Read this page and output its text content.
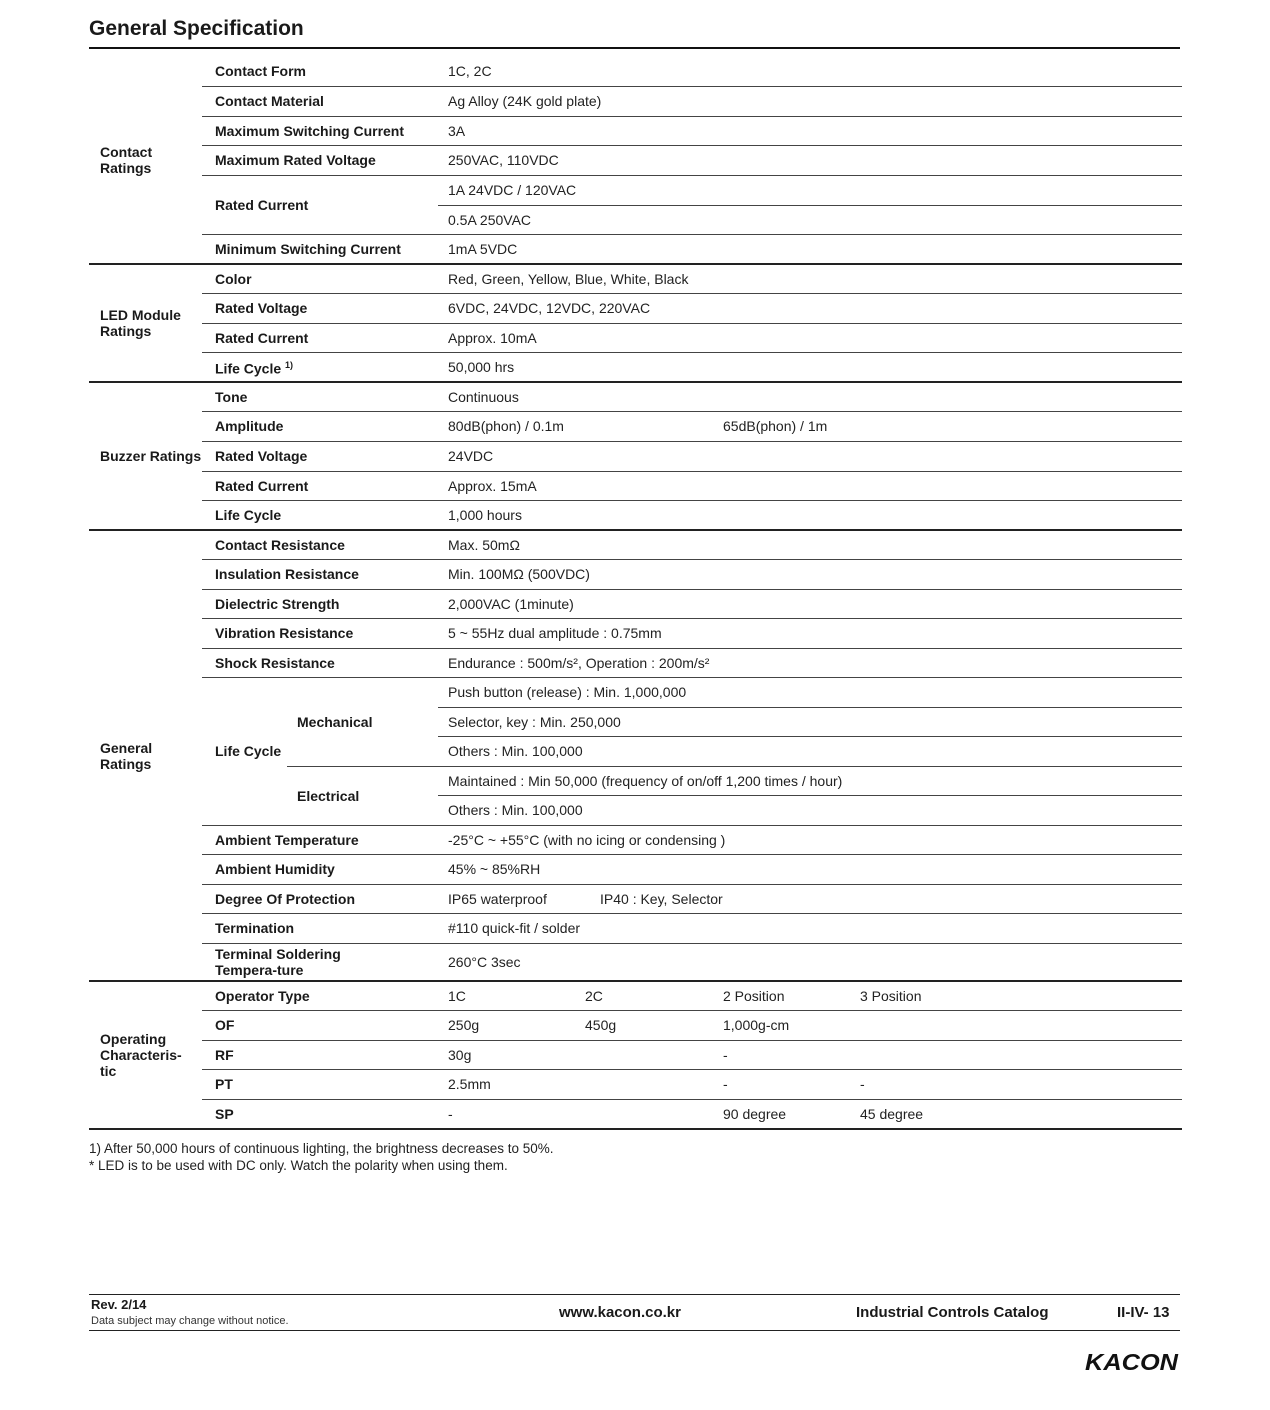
General Specification
Contact Ratings	Contact Form		1C, 2C			
	Contact Material		Ag Alloy (24K gold plate)			
	Maximum Switching Current		3A			
	Maximum Rated Voltage		250VAC, 110VDC			
	Rated Current		1A 24VDC / 120VAC			
			0.5A 250VAC			
	Minimum Switching Current		1mA 5VDC			
LED Module Ratings	Color		Red, Green, Yellow, Blue, White, Black			
	Rated Voltage		6VDC, 24VDC, 12VDC, 220VAC			
	Rated Current		Approx. 10mA			
	Life Cycle $^{1)}$		50,000 hrs			
Buzzer Ratings	Tone		Continuous			
	Amplitude		80dB(phon) / 0.1m		65dB(phon) / 1m	
	Rated Voltage		24VDC			
	Rated Current		Approx. 15mA			
	Life Cycle		1,000 hours			
General Ratings	Contact Resistance		Max. 50mΩ			
	Insulation Resistance		Min. 100MΩ (500VDC)			
	Dielectric Strength		2,000VAC (1minute)			
	Vibration Resistance		5 ~ 55Hz dual amplitude : 0.75mm			
	Shock Resistance		Endurance : 500m/s², Operation : 200m/s²			
	Life Cycle	Mechanical	Push button (release) : Min. 1,000,000			
			Selector, key : Min. 250,000			
			Others : Min. 100,000			
		Electrical	Maintained : Min 50,000 (frequency of on/off 1,200 times / hour)			
			Others : Min. 100,000			
	Ambient Temperature		-25°C ~ +55°C (with no icing or condensing )			
	Ambient Humidity		45% ~ 85%RH			
	Degree Of Protection		IP65 waterproof	IP40 : Key, Selector		
	Termination		#110 quick-fit / solder			
	Terminal Soldering Tempera-ture		260°C 3sec			
Operating Characteris-tic	Operator Type		1C	2C	2 Position	3 Position
	OF		250g	450g	1,000g-cm	
	RF		30g		-	
	PT		2.5mm		-	-
	SP		-		90 degree	45 degree
1) After 50,000 hours of continuous lighting, the brightness decreases to 50%.
* LED is to be used with DC only. Watch the polarity when using them.
Rev. 2/14
Data subject may change without notice.	www.kacon.co.kr	Industrial Controls Catalog	II-IV- 13
KACON
